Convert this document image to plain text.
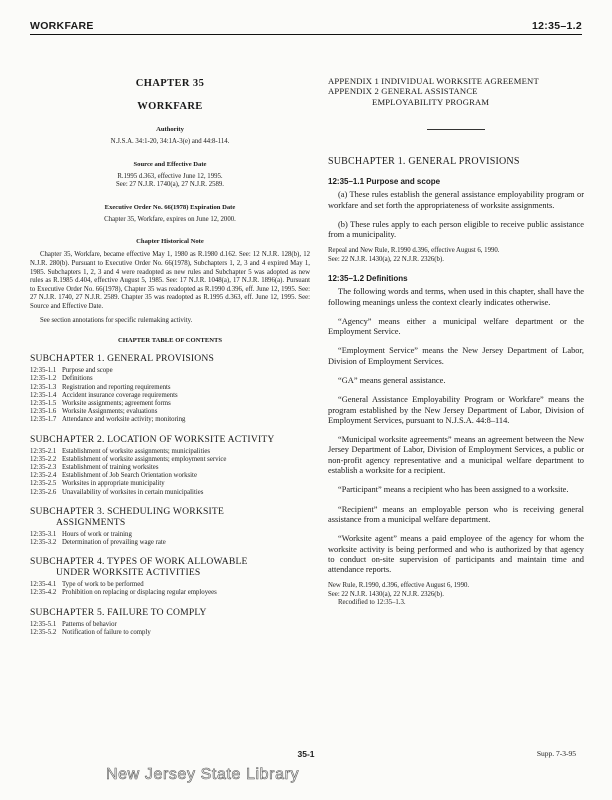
WORKFARE	12:35–1.2
CHAPTER 35
WORKFARE
Authority
N.J.S.A. 34:1-20, 34:1A-3(e) and 44:8-114.
Source and Effective Date
R.1995 d.363, effective June 12, 1995.
See: 27 N.J.R. 1740(a), 27 N.J.R. 2589.
Executive Order No. 66(1978) Expiration Date
Chapter 35, Workfare, expires on June 12, 2000.
Chapter Historical Note
Chapter 35, Workfare, became effective May 1, 1980 as R.1980 d.162. See: 12 N.J.R. 128(b), 12 N.J.R. 280(b). Pursuant to Executive Order No. 66(1978), Subchapters 1, 2, 3 and 4 expired May 1, 1985. Subchapters 1, 2, 3 and 4 were readopted as new rules and Subchapter 5 was adopted as new rules as R.1985 d.404, effective August 5, 1985. See: 17 N.J.R. 1048(a), 17 N.J.R. 1896(a). Pursuant to Executive Order No. 66(1978), Chapter 35 was readopted as R.1990 d.396, eff. June 12, 1995. See: 27 N.J.R. 1740, 27 N.J.R. 2589. Chapter 35 was readopted as R.1995 d.363, eff. June 12, 1995. See: Source and Effective Date.
See section annotations for specific rulemaking activity.
CHAPTER TABLE OF CONTENTS
SUBCHAPTER 1. GENERAL PROVISIONS
12:35-1.1 Purpose and scope
12:35-1.2 Definitions
12:35-1.3 Registration and reporting requirements
12:35-1.4 Accident insurance coverage requirements
12:35-1.5 Worksite assignments; agreement forms
12:35-1.6 Worksite Assignments; evaluations
12:35-1.7 Attendance and worksite activity; monitoring
SUBCHAPTER 2. LOCATION OF WORKSITE ACTIVITY
12:35-2.1 Establishment of worksite assignments; municipalities
12:35-2.2 Establishment of worksite assignments; employment service
12:35-2.3 Establishment of training worksites
12:35-2.4 Establishment of Job Search Orientation worksite
12:35-2.5 Worksites in appropriate municipality
12:35-2.6 Unavailability of worksites in certain municipalities
SUBCHAPTER 3. SCHEDULING WORKSITE
ASSIGNMENTS
12:35-3.1 Hours of work or training
12:35-3.2 Determination of prevailing wage rate
SUBCHAPTER 4. TYPES OF WORK ALLOWABLE
UNDER WORKSITE ACTIVITIES
12:35-4.1 Type of work to be performed
12:35-4.2 Prohibition on replacing or displacing regular employees
SUBCHAPTER 5. FAILURE TO COMPLY
12:35-5.1 Patterns of behavior
12:35-5.2 Notification of failure to comply
APPENDIX 1 INDIVIDUAL WORKSITE AGREEMENT
APPENDIX 2 GENERAL ASSISTANCE
EMPLOYABILITY PROGRAM
SUBCHAPTER 1. GENERAL PROVISIONS
12:35–1.1 Purpose and scope
(a) These rules establish the general assistance employability program or workfare and set forth the appropriateness of worksite assignments.
(b) These rules apply to each person eligible to receive public assistance from a municipality.
Repeal and New Rule, R.1990 d.396, effective August 6, 1990.
See: 22 N.J.R. 1430(a), 22 N.J.R. 2326(b).
12:35–1.2 Definitions
The following words and terms, when used in this chapter, shall have the following meanings unless the context clearly indicates otherwise.
“Agency” means either a municipal welfare department or the Employment Service.
“Employment Service” means the New Jersey Department of Labor, Division of Employment Services.
“GA” means general assistance.
“General Assistance Employability Program or Workfare” means the program established by the New Jersey Department of Labor, Division of Employment Services, pursuant to N.J.S.A. 44:8–114.
“Municipal worksite agreements” means an agreement between the New Jersey Department of Labor, Division of Employment Services, a public or non-profit agency representative and a municipal welfare department to establish a worksite for a recipient.
“Participant” means a recipient who has been assigned to a worksite.
“Recipient” means an employable person who is receiving general assistance from a municipal welfare department.
“Worksite agent” means a paid employee of the agency for whom the worksite activity is being performed and who is authorized by that agency to conduct on-site supervision of participants and maintain time and attendance reports.
New Rule, R.1990, d.396, effective August 6, 1990.
See: 22 N.J.R. 1430(a), 22 N.J.R. 2326(b).
Recodified to 12:35–1.3.
35-1	Supp. 7-3-95
New Jersey State Library
